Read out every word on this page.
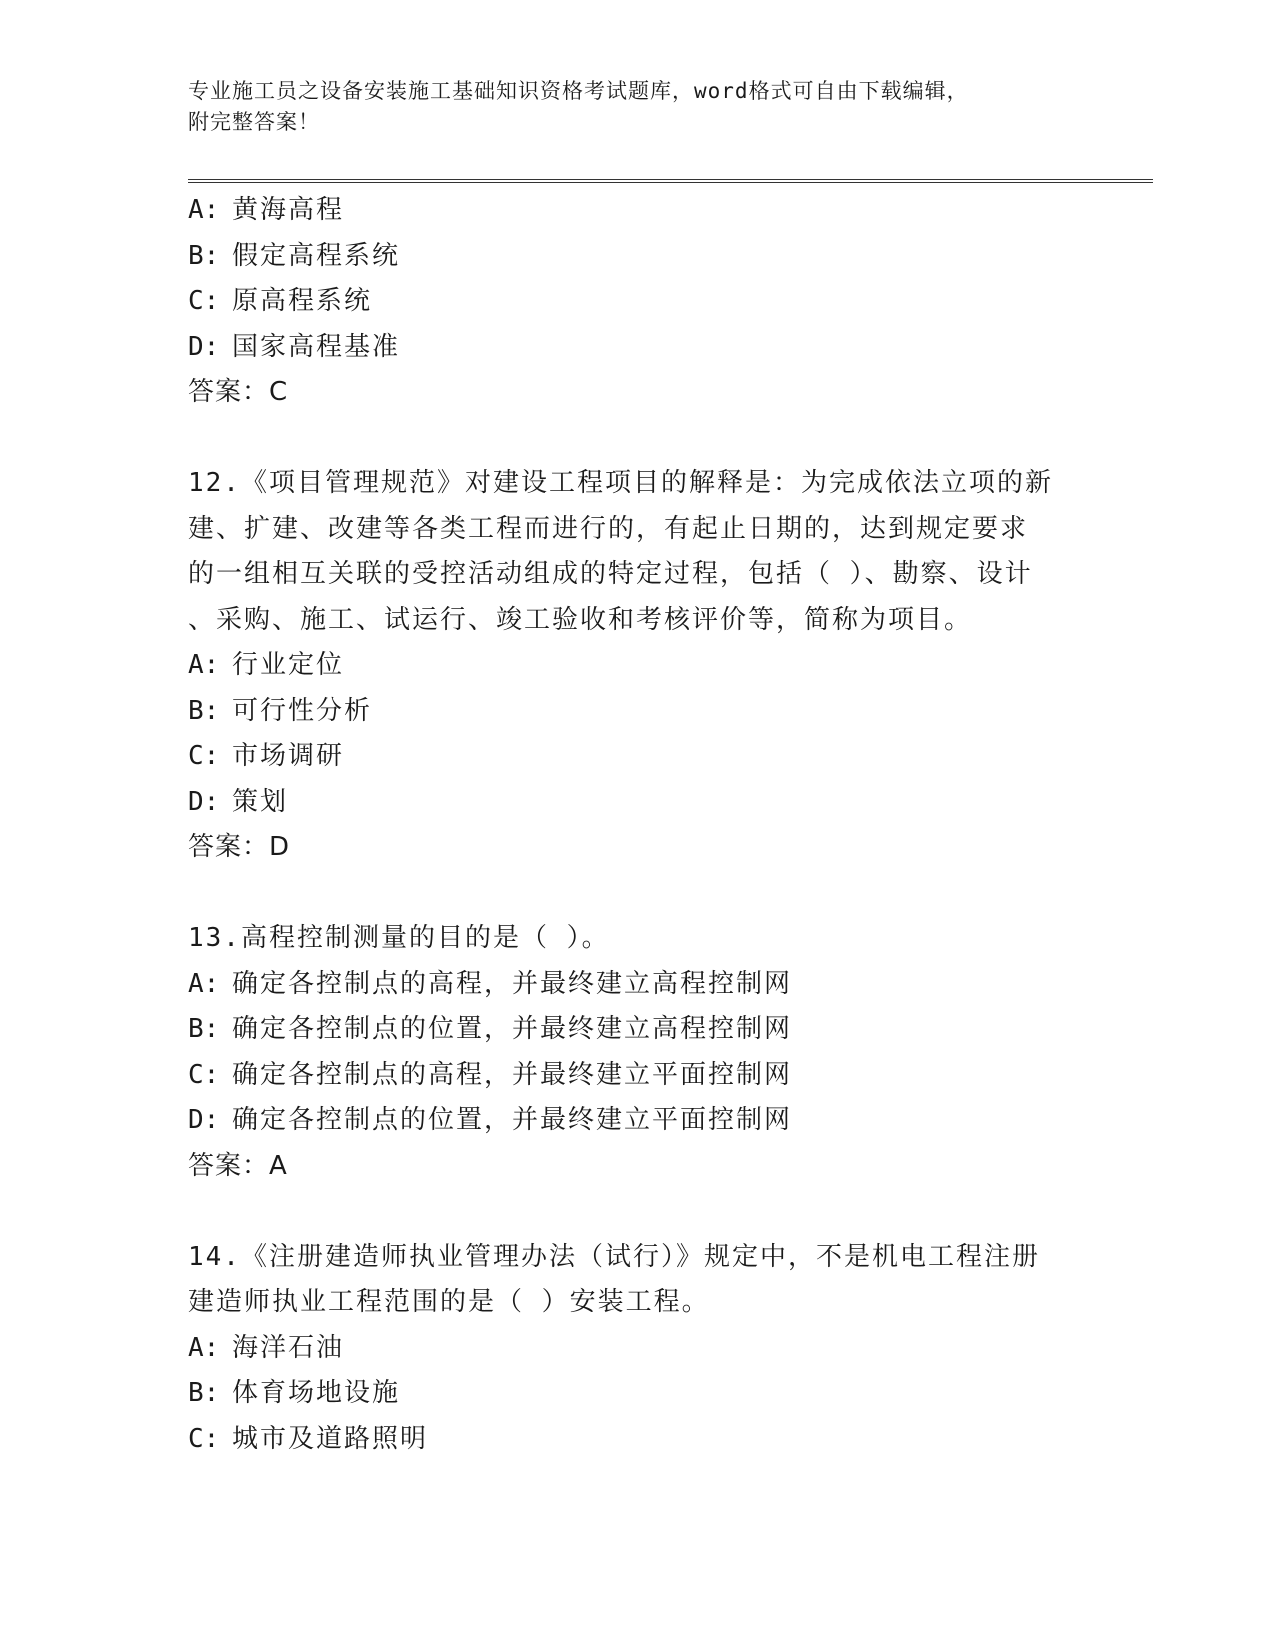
专业施工员之设备安装施工基础知识资格考试题库，word格式可自由下载编辑，
附完整答案！
A: 黄海高程
B: 假定高程系统
C: 原高程系统
D: 国家高程基准
答案：C
12.《项目管理规范》对建设工程项目的解释是：为完成依法立项的新
建、扩建、改建等各类工程而进行的，有起止日期的，达到规定要求
的一组相互关联的受控活动组成的特定过程，包括（ ）、勘察、设计
、采购、施工、试运行、竣工验收和考核评价等，简称为项目。
A: 行业定位
B: 可行性分析
C: 市场调研
D: 策划
答案：D
13.高程控制测量的目的是（ ）。
A: 确定各控制点的高程，并最终建立高程控制网
B: 确定各控制点的位置，并最终建立高程控制网
C: 确定各控制点的高程，并最终建立平面控制网
D: 确定各控制点的位置，并最终建立平面控制网
答案：A
14.《注册建造师执业管理办法（试行）》规定中，不是机电工程注册
建造师执业工程范围的是（ ）安装工程。
A: 海洋石油
B: 体育场地设施
C: 城市及道路照明
